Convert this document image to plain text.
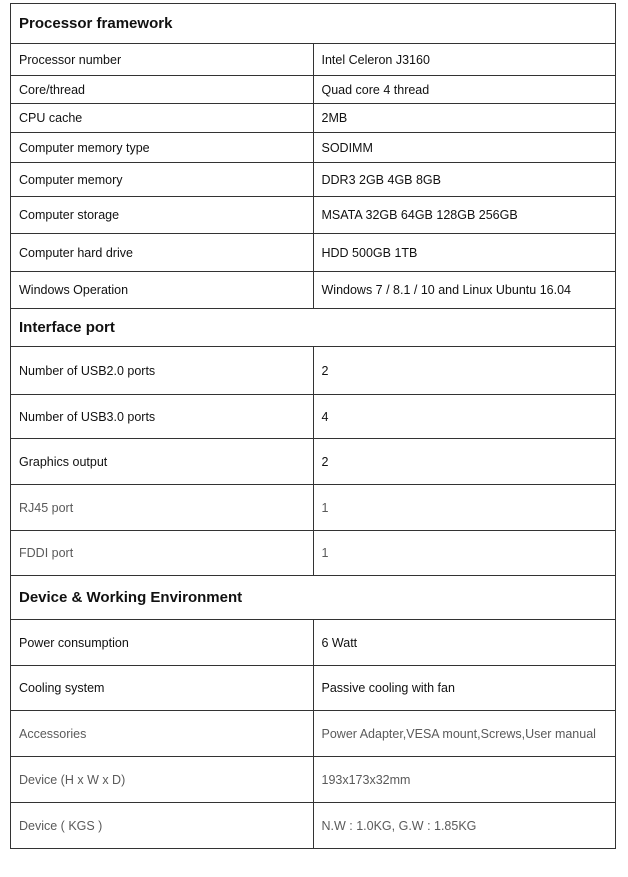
Processor framework	
Processor number	Intel Celeron J3160
Core/thread	Quad core 4 thread
CPU cache	2MB
Computer memory type	SODIMM
Computer memory	DDR3 2GB 4GB 8GB
Computer storage	MSATA 32GB 64GB 128GB 256GB
Computer hard drive	HDD 500GB 1TB
Windows Operation	Windows 7 / 8.1 / 10 and Linux Ubuntu 16.04
Interface port	
Number of USB2.0 ports	2
Number of USB3.0 ports	4
Graphics output	2
RJ45 port	1
FDDI port	1
Device & Working Environment	
Power consumption	6 Watt
Cooling system	Passive cooling with fan
Accessories	Power Adapter,VESA mount,Screws,User manual
Device (H x W x D)	193x173x32mm
Device ( KGS )	N.W : 1.0KG, G.W : 1.85KG
